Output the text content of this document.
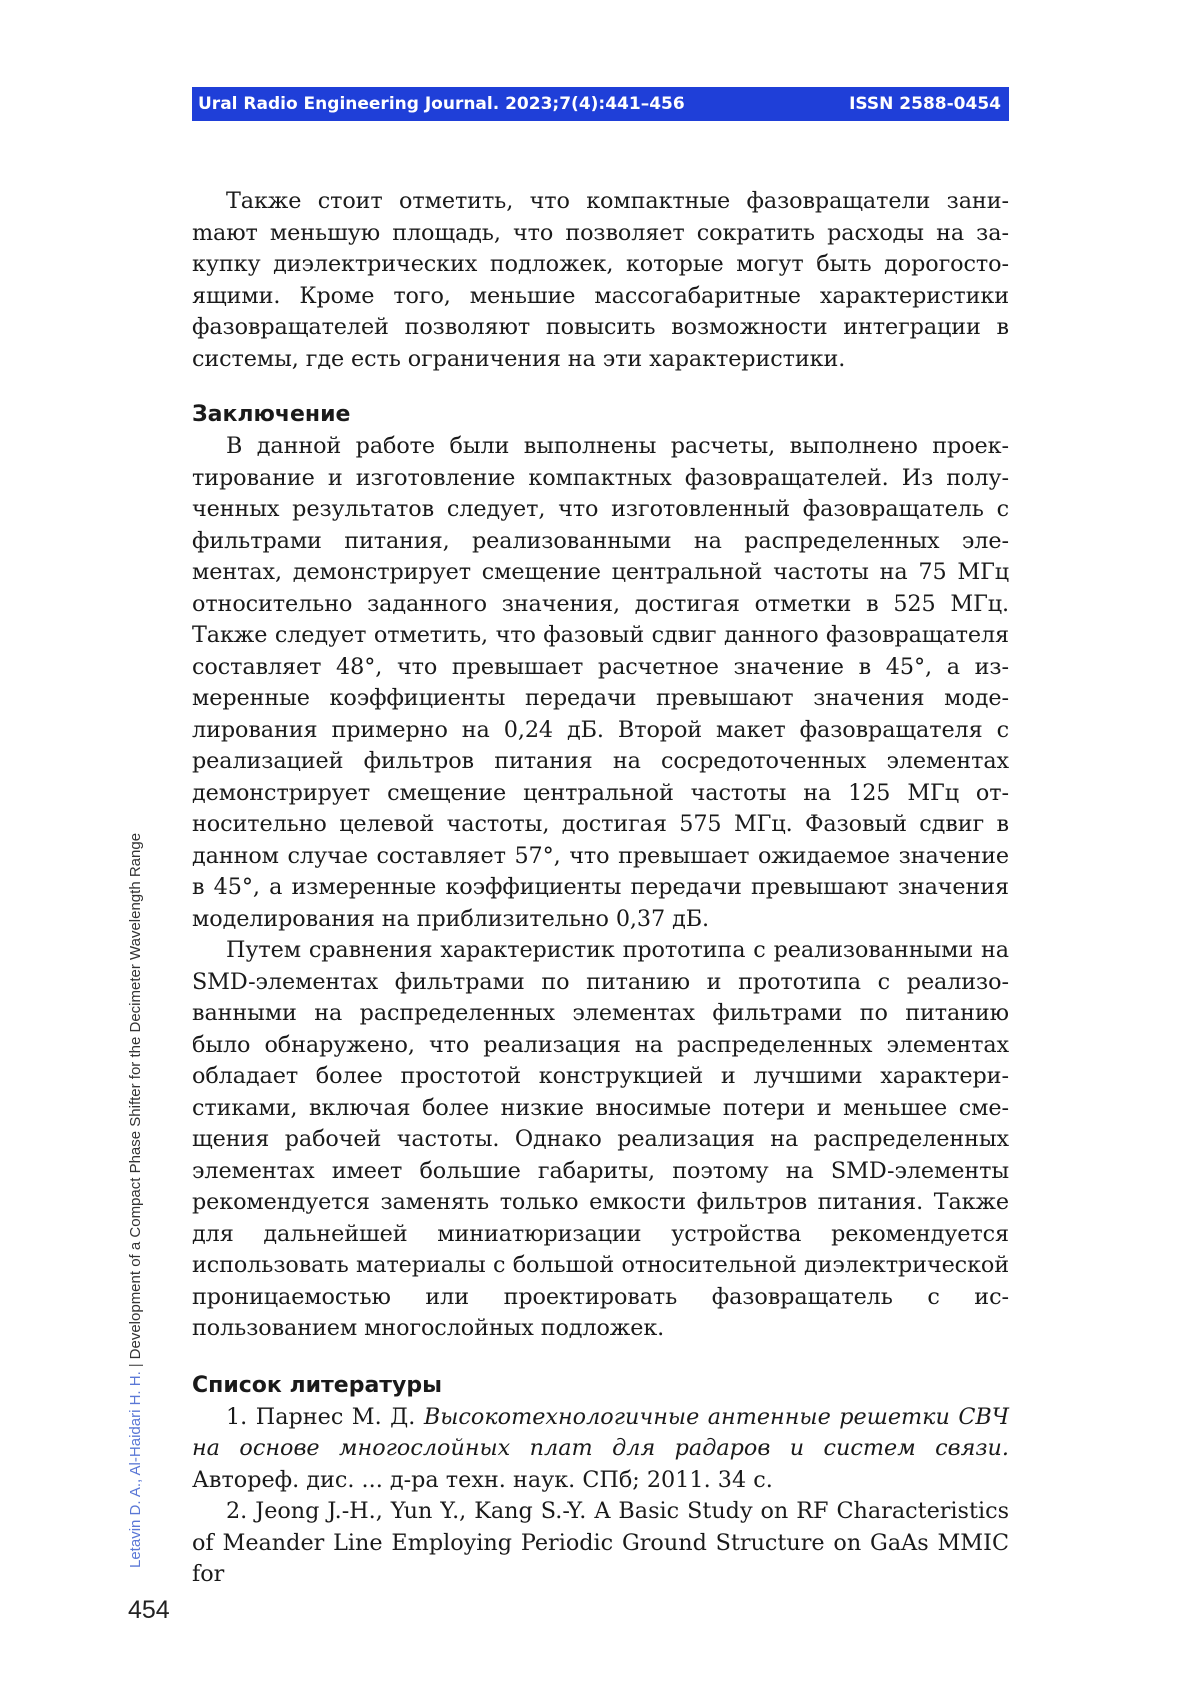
Ural Radio Engineering Journal. 2023;7(4):441–456	ISSN 2588-0454
Letavin D. A., Al-Haidari H. H.|Development of a Compact Phase Shifter for the Decimeter Wavelength Range
454

Также стоит отметить, что компактные фазовращатели зани­mают меньшую площадь, что позволяет сократить расходы на за­купку диэлектрических подложек, которые могут быть дорогосто­ящими. Кроме того, меньшие массогабаритные характеристики фазовращателей позволяют повысить возможности интеграции в системы, где есть ограничения на эти характеристики.

Заключение

В данной работе были выполнены расчеты, выполнено проек­тирование и изготовление компактных фазовращателей. Из полу­ченных результатов следует, что изготовленный фазовращатель с фильтрами питания, реализованными на распределенных эле­ментах, демонстрирует смещение центральной частоты на 75 МГц относительно заданного значения, достигая отметки в 525 МГц. Также следует отметить, что фазовый сдвиг данного фазовраща­теля составляет 48°, что превышает расчетное значение в 45°, а из­меренные коэффициенты передачи превышают значения моде­лирования примерно на 0,24 дБ. Второй макет фазовращателя с реализацией фильтров питания на сосредоточенных элементах демонстрирует смещение центральной частоты на 125 МГц от­носительно целевой частоты, достигая 575 МГц. Фазовый сдвиг в данном случае составляет 57°, что превышает ожидаемое значе­ние в 45°, а измеренные коэффициенты передачи превышают зна­чения моделирования на приблизительно 0,37 дБ.

Путем сравнения характеристик прототипа с реализованными на SMD-элементах фильтрами по питанию и прототипа с реализо­ванными на распределенных элементах фильтрами по питанию было обнаружено, что реализация на распределенных элементах обладает более простотой конструкцией и лучшими характери­стиками, включая более низкие вносимые потери и меньшее сме­щения рабочей частоты. Однако реализация на распределенных элементах имеет большие габариты, поэтому на SMD-элементы рекомендуется заменять только емкости фильтров питания. Так­же для дальнейшей миниатюризации устройства рекомендуется использовать материалы с большой относительной диэлектри­ческой проницаемостью или проектировать фазовращатель с ис­пользованием многослойных подложек.

Список литературы

1. Парнес М. Д. Высокотехнологичные антенные решетки СВЧ на основе многослойных плат для радаров и систем связи. Автореф. дис. ... д-ра техн. наук. СПб; 2011. 34 с.

2. Jeong J.-H., Yun Y., Kang S.-Y. A Basic Study on RF Characteristics of Meander Line Employing Periodic Ground Structure on GaAs MMIC for
